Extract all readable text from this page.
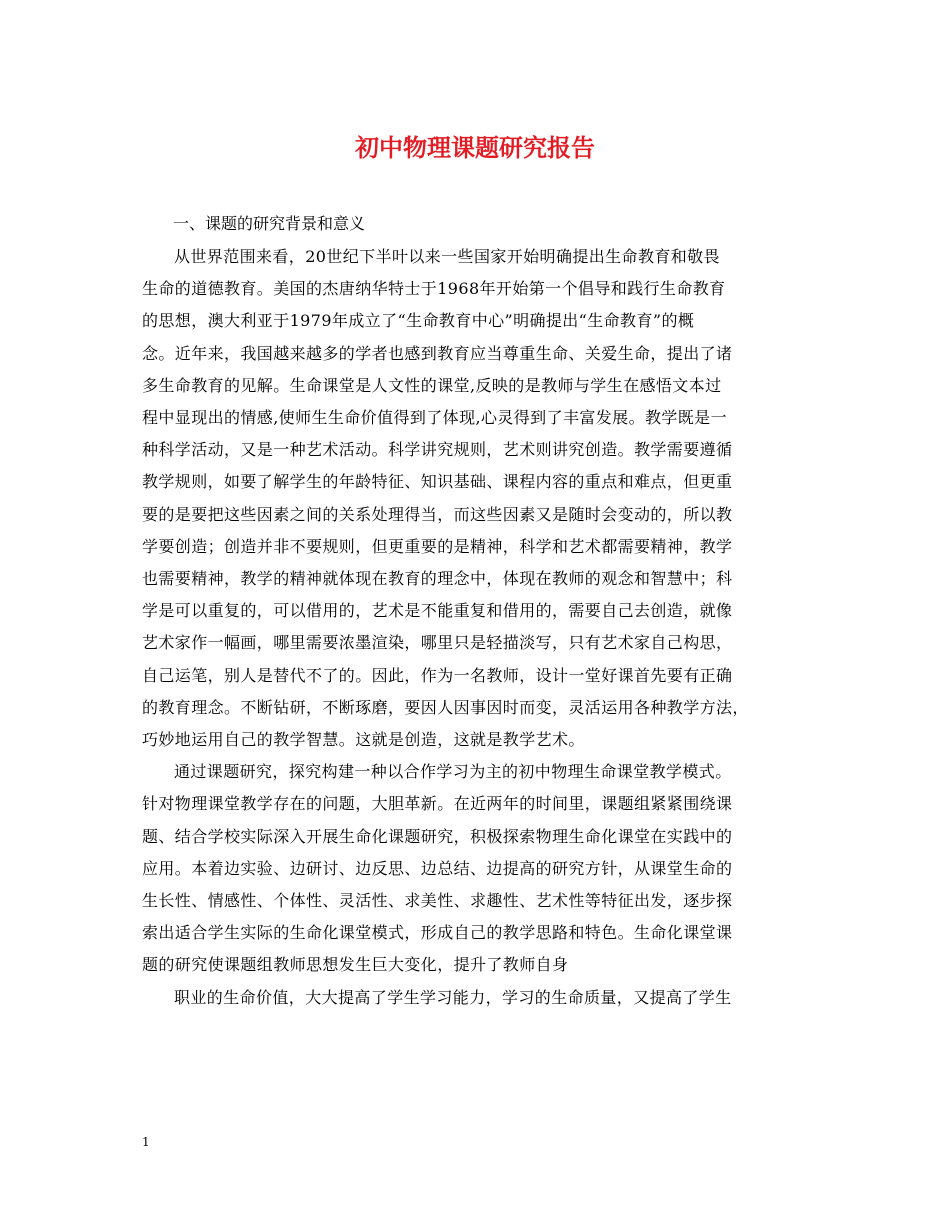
初中物理课题研究报告
一、课题的研究背景和意义
从世界范围来看，20世纪下半叶以来一些国家开始明确提出生命教育和敬畏
生命的道德教育。美国的杰唐纳华特士于1968年开始第一个倡导和践行生命教育
的思想，澳大利亚于1979年成立了“生命教育中心”明确提出“生命教育”的概
念。近年来，我国越来越多的学者也感到教育应当尊重生命、关爱生命，提出了诸
多生命教育的见解。生命课堂是人文性的课堂,反映的是教师与学生在感悟文本过
程中显现出的情感,使师生生命价值得到了体现,心灵得到了丰富发展。教学既是一
种科学活动，又是一种艺术活动。科学讲究规则，艺术则讲究创造。教学需要遵循
教学规则，如要了解学生的年龄特征、知识基础、课程内容的重点和难点，但更重
要的是要把这些因素之间的关系处理得当，而这些因素又是随时会变动的，所以教
学要创造；创造并非不要规则，但更重要的是精神，科学和艺术都需要精神，教学
也需要精神，教学的精神就体现在教育的理念中，体现在教师的观念和智慧中；科
学是可以重复的，可以借用的，艺术是不能重复和借用的，需要自己去创造，就像
艺术家作一幅画，哪里需要浓墨渲染，哪里只是轻描淡写，只有艺术家自己构思，
自己运笔，别人是替代不了的。因此，作为一名教师，设计一堂好课首先要有正确
的教育理念。不断钻研，不断琢磨，要因人因事因时而变，灵活运用各种教学方法，
巧妙地运用自己的教学智慧。这就是创造，这就是教学艺术。
通过课题研究，探究构建一种以合作学习为主的初中物理生命课堂教学模式。
针对物理课堂教学存在的问题，大胆革新。在近两年的时间里，课题组紧紧围绕课
题、结合学校实际深入开展生命化课题研究，积极探索物理生命化课堂在实践中的
应用。本着边实验、边研讨、边反思、边总结、边提高的研究方针，从课堂生命的
生长性、情感性、个体性、灵活性、求美性、求趣性、艺术性等特征出发，逐步探
索出适合学生实际的生命化课堂模式，形成自己的教学思路和特色。生命化课堂课
题的研究使课题组教师思想发生巨大变化，提升了教师自身
职业的生命价值，大大提高了学生学习能力，学习的生命质量，又提高了学生
1
